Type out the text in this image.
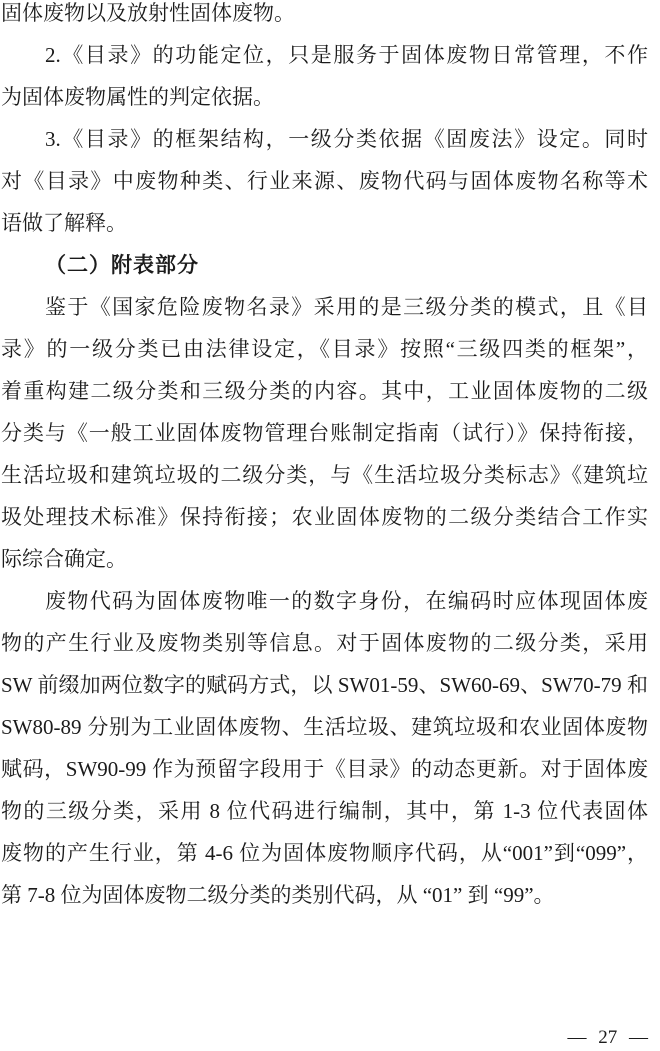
固体废物以及放射性固体废物。
2.《目录》的功能定位，只是服务于固体废物日常管理，不作
为固体废物属性的判定依据。
3.《目录》的框架结构，一级分类依据《固废法》设定。同时
对《目录》中废物种类、行业来源、废物代码与固体废物名称等术
语做了解释。
（二）附表部分
鉴于《国家危险废物名录》采用的是三级分类的模式，且《目
录》的一级分类已由法律设定，《目录》按照“三级四类的框架”，
着重构建二级分类和三级分类的内容。其中，工业固体废物的二级
分类与《一般工业固体废物管理台账制定指南（试行）》保持衔接，
生活垃圾和建筑垃圾的二级分类，与《生活垃圾分类标志》《建筑垃
圾处理技术标准》保持衔接；农业固体废物的二级分类结合工作实
际综合确定。
废物代码为固体废物唯一的数字身份，在编码时应体现固体废
物的产生行业及废物类别等信息。对于固体废物的二级分类，采用
SW 前缀加两位数字的赋码方式，以 SW01-59、SW60-69、SW70-79 和
SW80-89 分别为工业固体废物、生活垃圾、建筑垃圾和农业固体废物
赋码，SW90-99 作为预留字段用于《目录》的动态更新。对于固体废
物的三级分类，采用 8 位代码进行编制，其中，第 1-3 位代表固体
废物的产生行业，第 4-6 位为固体废物顺序代码，从“001”到“099”，
第 7-8 位为固体废物二级分类的类别代码，从 “01” 到 “99”。
— 27 —
